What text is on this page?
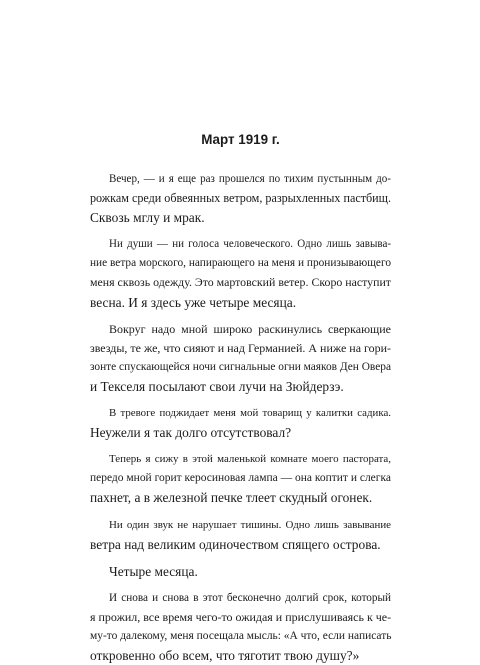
Март 1919 г.
Вечер, — и я еще раз прошелся по тихим пустынным до-
рожкам среди обвеянных ветром, разрыхленных пастбищ.
Сквозь мглу и мрак.
Ни души — ни голоса человеческого. Одно лишь завыва-
ние ветра морского, напирающего на меня и пронизывающего
меня сквозь одежду. Это мартовский ветер. Скоро наступит
весна. И я здесь уже четыре месяца.
Вокруг надо мной широко раскинулись сверкающие
звезды, те же, что сияют и над Германией. А ниже на гори-
зонте спускающейся ночи сигнальные огни маяков Ден Овера
и Текселя посылают свои лучи на Зюйдерзэ.
В тревоге поджидает меня мой товарищ у калитки садика.
Неужели я так долго отсутствовал?
Теперь я сижу в этой маленькой комнате моего пастората,
передо мной горит керосиновая лампа — она коптит и слегка
пахнет, а в железной печке тлеет скудный огонек.
Ни один звук не нарушает тишины. Одно лишь завывание
ветра над великим одиночеством спящего острова.
Четыре месяца.
И снова и снова в этот бесконечно долгий срок, который
я прожил, все время чего-то ожидая и прислушиваясь к че-
му-то далекому, меня посещала мысль: «А что, если написать
откровенно обо всем, что тяготит твою душу?»
